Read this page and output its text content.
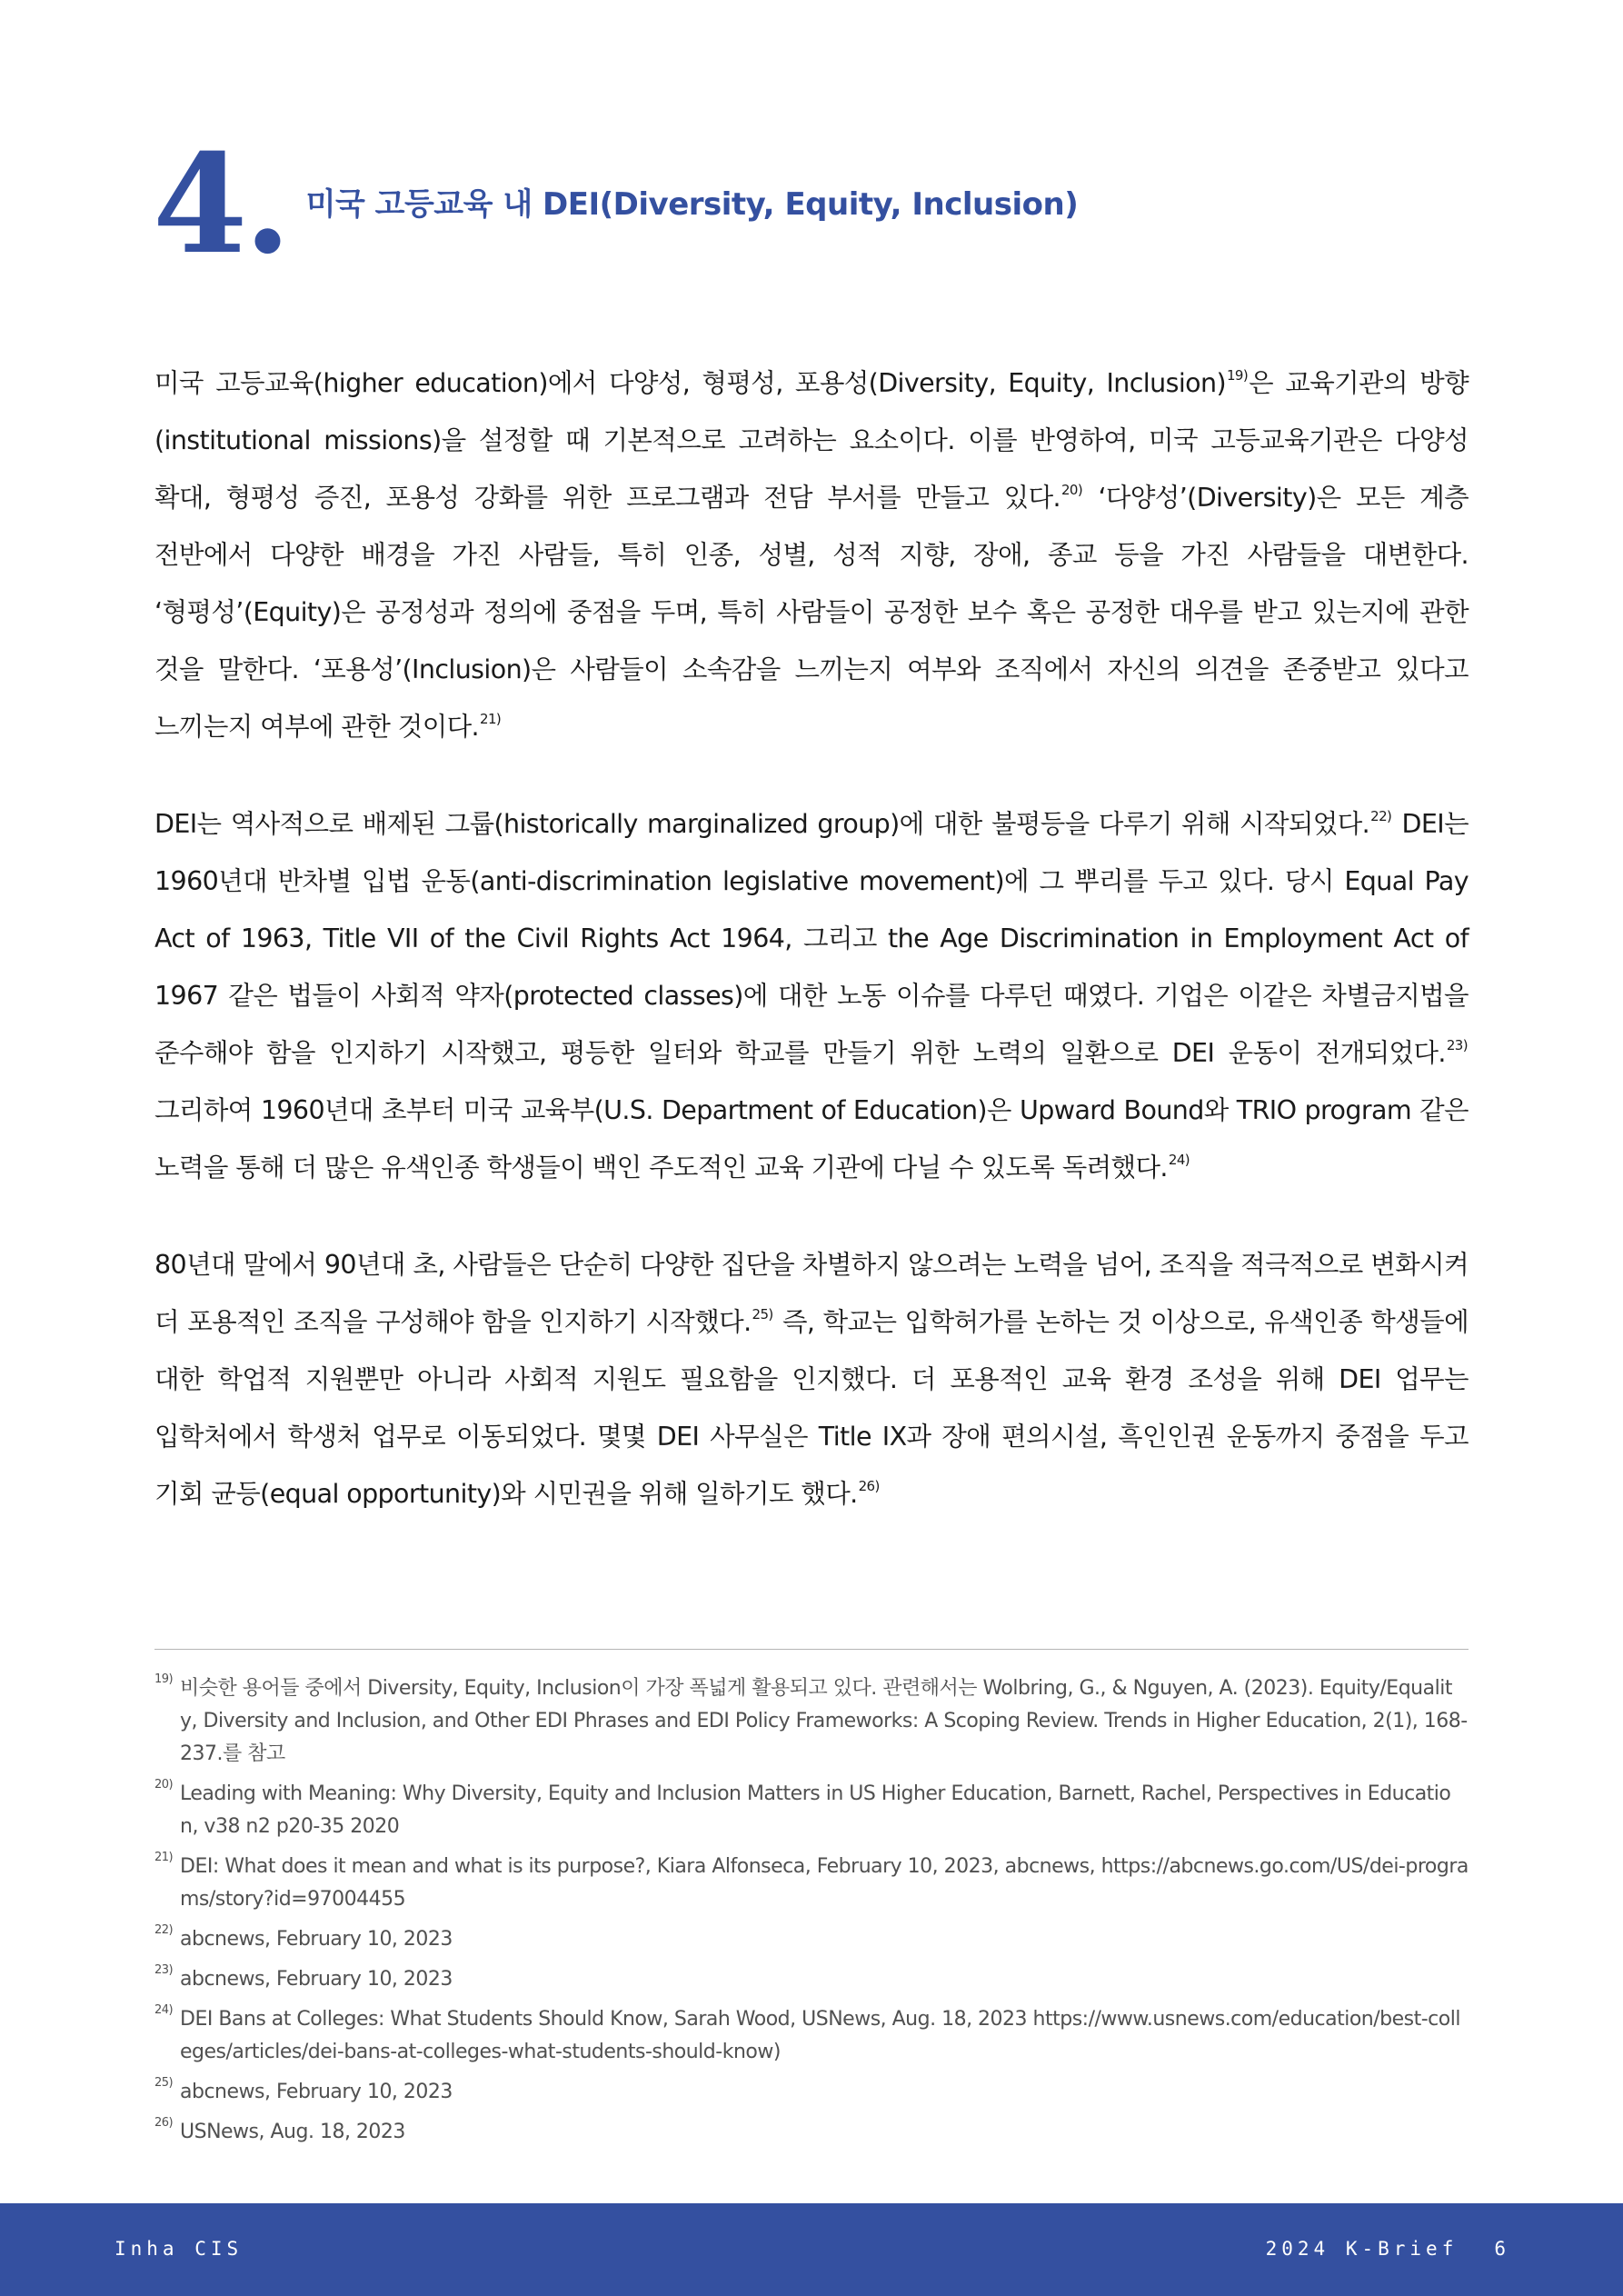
4. 미국 고등교육 내 DEI(Diversity, Equity, Inclusion)

미국 고등교육(higher education)에서 다양성, 형평성, 포용성(Diversity, Equity, Inclusion)$^{19)}$은 교육기관의 방향(institutional missions)을 설정할 때 기본적으로 고려하는 요소이다. 이를 반영하여, 미국 고등교육기관은 다양성 확대, 형평성 증진, 포용성 강화를 위한 프로그램과 전담 부서를 만들고 있다.$^{20)}$ ‘다양성’(Diversity)은 모든 계층 전반에서 다양한 배경을 가진 사람들, 특히 인종, 성별, 성적 지향, 장애, 종교 등을 가진 사람들을 대변한다. ‘형평성’(Equity)은 공정성과 정의에 중점을 두며, 특히 사람들이 공정한 보수 혹은 공정한 대우를 받고 있는지에 관한 것을 말한다. ‘포용성’(Inclusion)은 사람들이 소속감을 느끼는지 여부와 조직에서 자신의 의견을 존중받고 있다고 느끼는지 여부에 관한 것이다.$^{21)}$

DEI는 역사적으로 배제된 그룹(historically marginalized group)에 대한 불평등을 다루기 위해 시작되었다.$^{22)}$ DEI는 1960년대 반차별 입법 운동(anti-discrimination legislative movement)에 그 뿌리를 두고 있다. 당시 Equal Pay Act of 1963, Title VII of the Civil Rights Act 1964, 그리고 the Age Discrimination in Employment Act of 1967 같은 법들이 사회적 약자(protected classes)에 대한 노동 이슈를 다루던 때였다. 기업은 이같은 차별금지법을 준수해야 함을 인지하기 시작했고, 평등한 일터와 학교를 만들기 위한 노력의 일환으로 DEI 운동이 전개되었다.$^{23)}$ 그리하여 1960년대 초부터 미국 교육부(U.S. Department of Education)은 Upward Bound와 TRIO program 같은 노력을 통해 더 많은 유색인종 학생들이 백인 주도적인 교육 기관에 다닐 수 있도록 독려했다.$^{24)}$

80년대 말에서 90년대 초, 사람들은 단순히 다양한 집단을 차별하지 않으려는 노력을 넘어, 조직을 적극적으로 변화시켜 더 포용적인 조직을 구성해야 함을 인지하기 시작했다.$^{25)}$ 즉, 학교는 입학허가를 논하는 것 이상으로, 유색인종 학생들에 대한 학업적 지원뿐만 아니라 사회적 지원도 필요함을 인지했다. 더 포용적인 교육 환경 조성을 위해 DEI 업무는 입학처에서 학생처 업무로 이동되었다. 몇몇 DEI 사무실은 Title IX과 장애 편의시설, 흑인인권 운동까지 중점을 두고 기회 균등(equal opportunity)와 시민권을 위해 일하기도 했다.$^{26)}$

19) 비슷한 용어들 중에서 Diversity, Equity, Inclusion이 가장 폭넓게 활용되고 있다. 관련해서는 Wolbring, G., & Nguyen, A. (2023). Equity/Equality, Diversity and Inclusion, and Other EDI Phrases and EDI Policy Frameworks: A Scoping Review. Trends in Higher Education, 2(1), 168-237.를 참고
20) Leading with Meaning: Why Diversity, Equity and Inclusion Matters in US Higher Education, Barnett, Rachel, Perspectives in Education, v38 n2 p20-35 2020
21) DEI: What does it mean and what is its purpose?, Kiara Alfonseca, February 10, 2023, abcnews, https://abcnews.go.com/US/dei-programs/story?id=97004455
22) abcnews, February 10, 2023
23) abcnews, February 10, 2023
24) DEI Bans at Colleges: What Students Should Know, Sarah Wood, USNews, Aug. 18, 2023 https://www.usnews.com/education/best-colleges/articles/dei-bans-at-colleges-what-students-should-know)
25) abcnews, February 10, 2023
26) USNews, Aug. 18, 2023
Inha CIS	2024 K-Brief 6
